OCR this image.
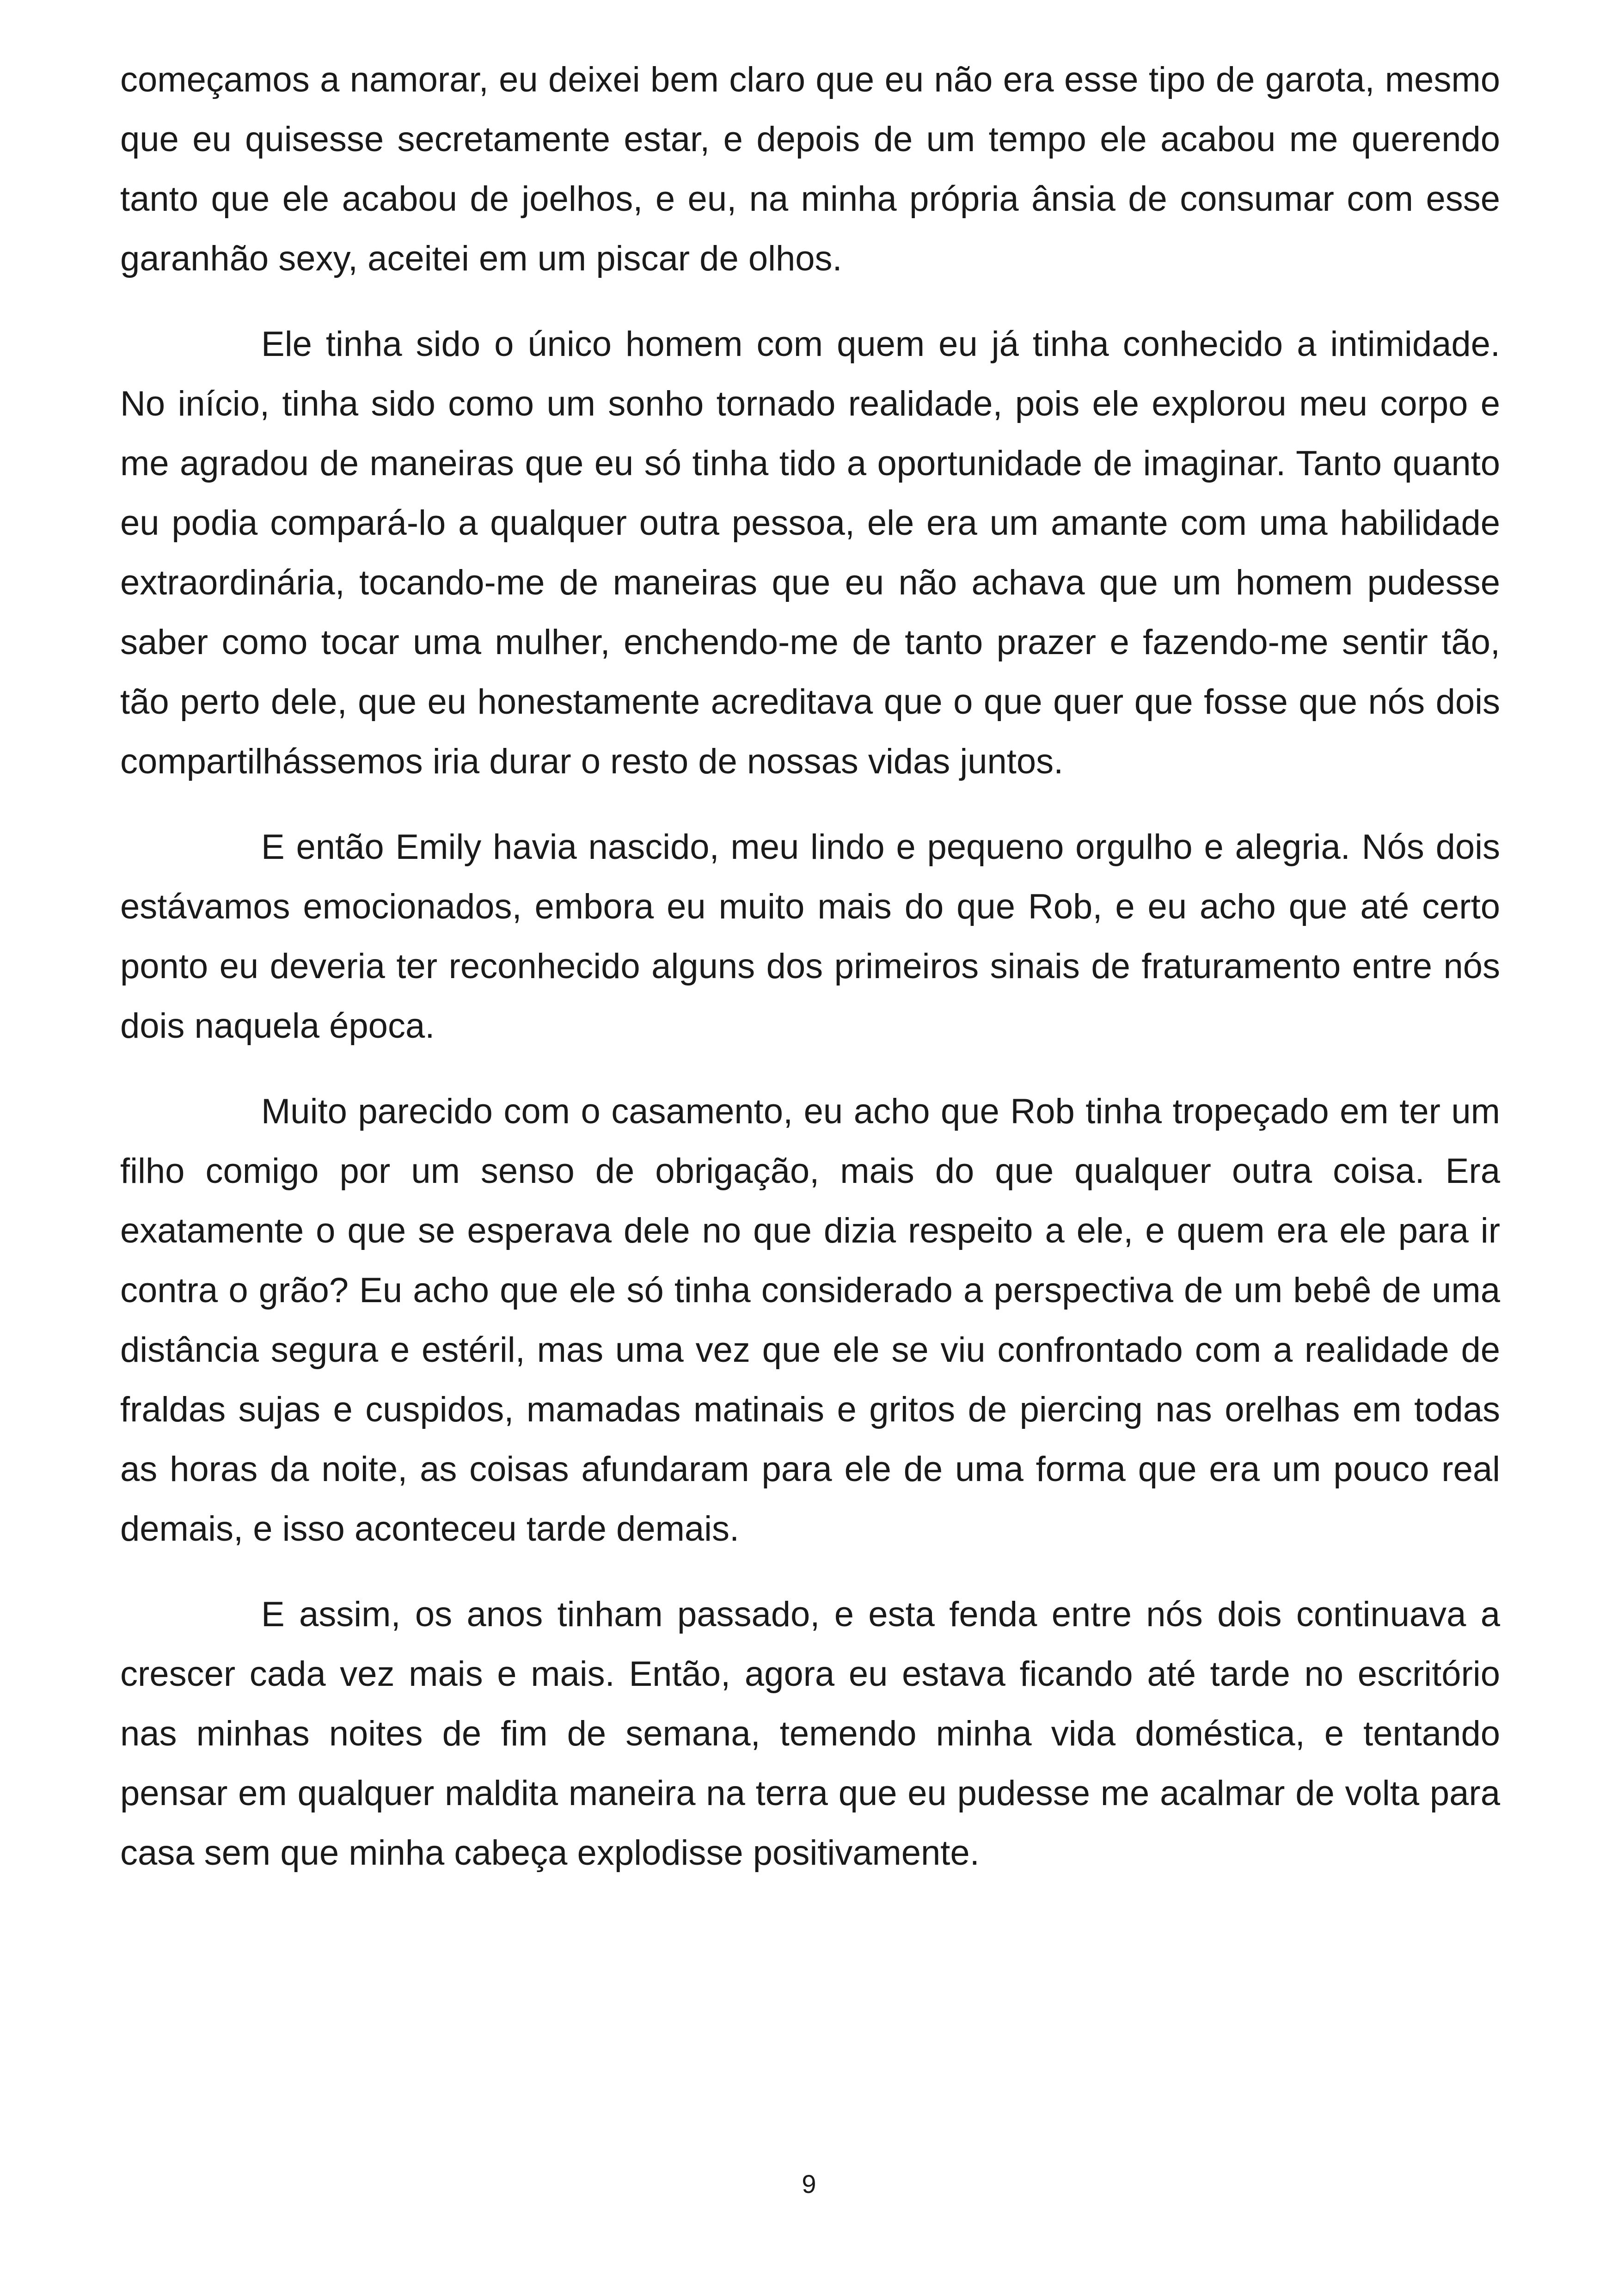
começamos a namorar, eu deixei bem claro que eu não era esse tipo de garota, mesmo que eu quisesse secretamente estar, e depois de um tempo ele acabou me querendo tanto que ele acabou de joelhos, e eu, na minha própria ânsia de consumar com esse garanhão sexy, aceitei em um piscar de olhos.

Ele tinha sido o único homem com quem eu já tinha conhecido a intimidade. No início, tinha sido como um sonho tornado realidade, pois ele explorou meu corpo e me agradou de maneiras que eu só tinha tido a oportunidade de imaginar. Tanto quanto eu podia compará-lo a qualquer outra pessoa, ele era um amante com uma habilidade extraordinária, tocando-me de maneiras que eu não achava que um homem pudesse saber como tocar uma mulher, enchendo-me de tanto prazer e fazendo-me sentir tão, tão perto dele, que eu honestamente acreditava que o que quer que fosse que nós dois compartilhássemos iria durar o resto de nossas vidas juntos.

E então Emily havia nascido, meu lindo e pequeno orgulho e alegria. Nós dois estávamos emocionados, embora eu muito mais do que Rob, e eu acho que até certo ponto eu deveria ter reconhecido alguns dos primeiros sinais de fraturamento entre nós dois naquela época.

Muito parecido com o casamento, eu acho que Rob tinha tropeçado em ter um filho comigo por um senso de obrigação, mais do que qualquer outra coisa. Era exatamente o que se esperava dele no que dizia respeito a ele, e quem era ele para ir contra o grão? Eu acho que ele só tinha considerado a perspectiva de um bebê de uma distância segura e estéril, mas uma vez que ele se viu confrontado com a realidade de fraldas sujas e cuspidos, mamadas matinais e gritos de piercing nas orelhas em todas as horas da noite, as coisas afundaram para ele de uma forma que era um pouco real demais, e isso aconteceu tarde demais.

E assim, os anos tinham passado, e esta fenda entre nós dois continuava a crescer cada vez mais e mais. Então, agora eu estava ficando até tarde no escritório nas minhas noites de fim de semana, temendo minha vida doméstica, e tentando pensar em qualquer maldita maneira na terra que eu pudesse me acalmar de volta para casa sem que minha cabeça explodisse positivamente.

9
